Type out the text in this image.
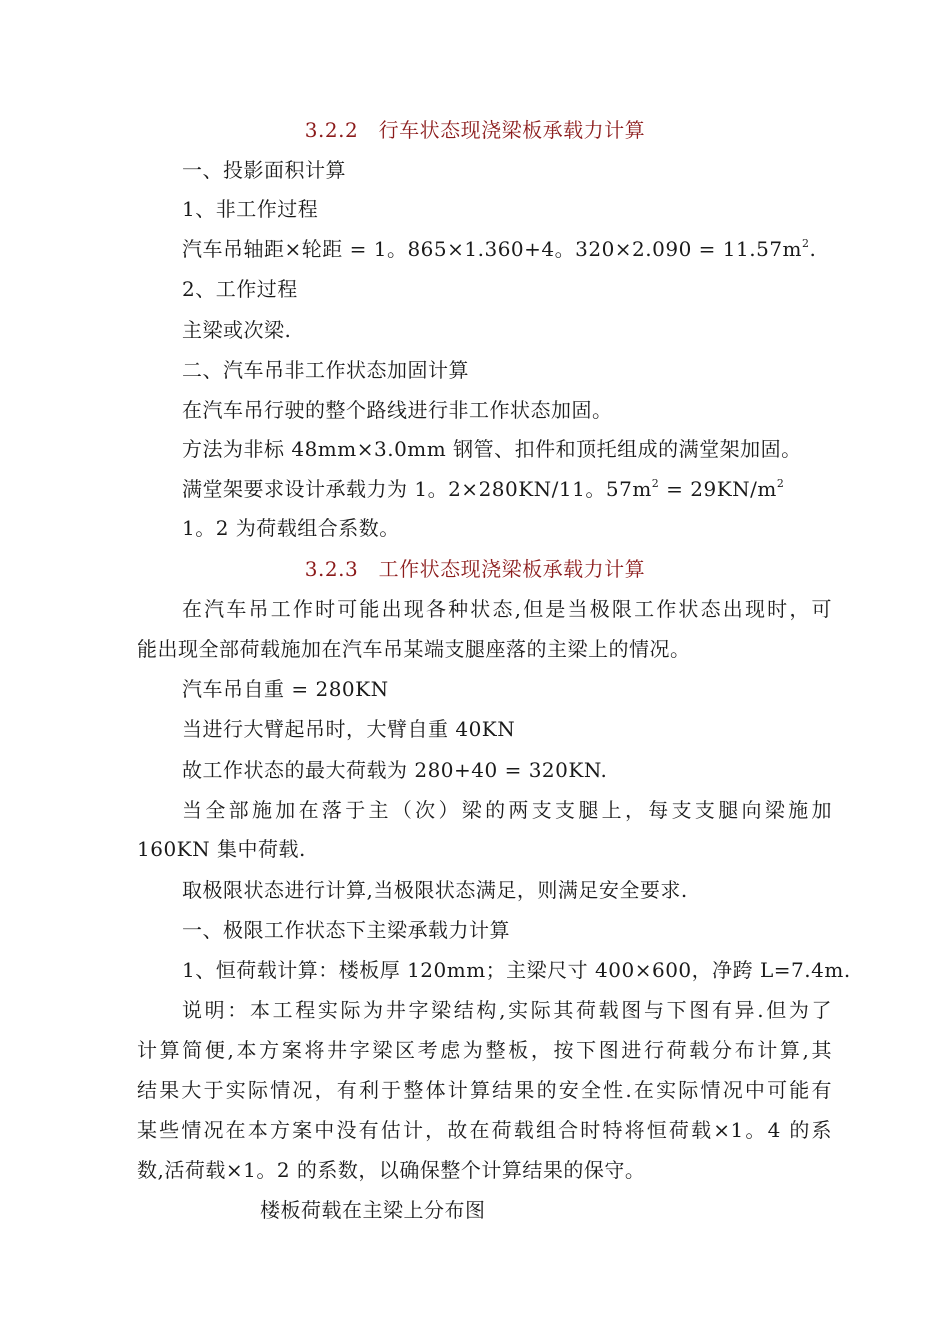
3.2.2　行车状态现浇梁板承载力计算
一、投影面积计算
1、非工作过程
汽车吊轴距×轮距 = 1。865×1.360+4。$320\times 2.090 = 11.57m^2$.
2、工作过程
主梁或次梁.
二、汽车吊非工作状态加固计算
在汽车吊行驶的整个路线进行非工作状态加固。
方法为非标 48mm×3.0mm 钢管、扣件和顶托组成的满堂架加固。
满堂架要求设计承载力为 1。2×280KN/11。$57m^2 = 29KN/m^2$
1。2 为荷载组合系数。
3.2.3　工作状态现浇梁板承载力计算
在汽车吊工作时可能出现各种状态,但是当极限工作状态出现时，可
能出现全部荷载施加在汽车吊某端支腿座落的主梁上的情况。
汽车吊自重 = 280KN
当进行大臂起吊时，大臂自重 40KN
故工作状态的最大荷载为 280+40 = 320KN.
当全部施加在落于主（次）梁的两支支腿上，每支支腿向梁施加
160KN 集中荷载.
取极限状态进行计算,当极限状态满足，则满足安全要求.
一、极限工作状态下主梁承载力计算
1、恒荷载计算：楼板厚 120mm；主梁尺寸 400×600，净跨 L=7.4m.
说明：本工程实际为井字梁结构,实际其荷载图与下图有异.但为了
计算简便,本方案将井字梁区考虑为整板，按下图进行荷载分布计算,其
结果大于实际情况，有利于整体计算结果的安全性.在实际情况中可能有
某些情况在本方案中没有估计，故在荷载组合时特将恒荷载×1。4 的系
数,活荷载×1。2 的系数，以确保整个计算结果的保守。
楼板荷载在主梁上分布图
